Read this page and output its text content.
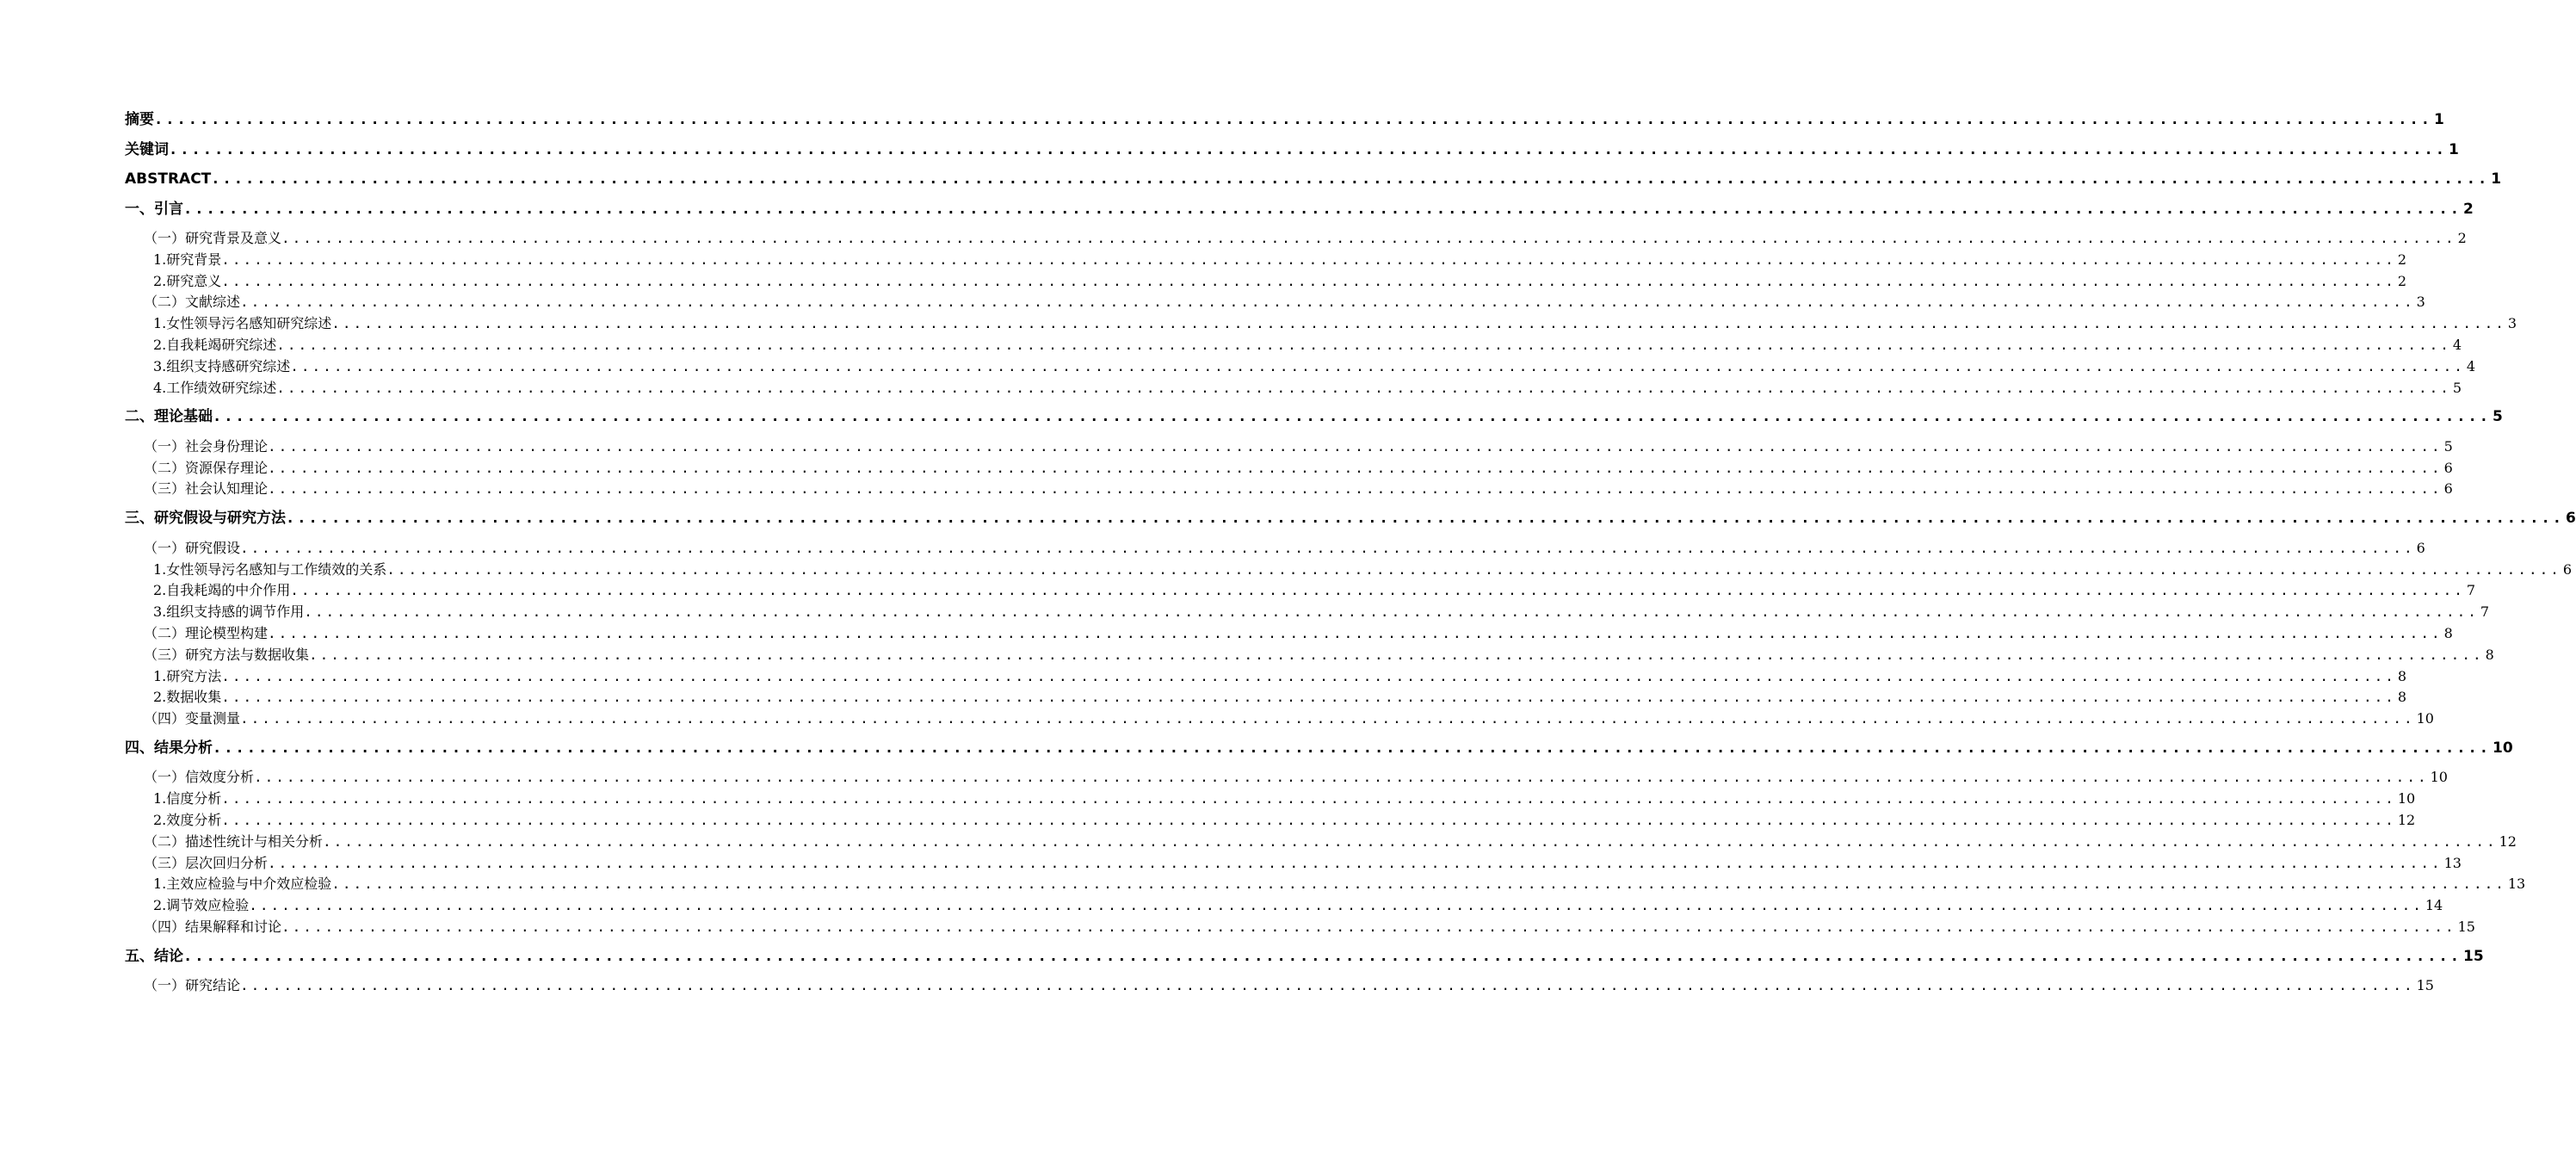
摘要 ........................................................................................................................................................................................................ 1
关键词 ........................................................................................................................................................................................................ 1
ABSTRACT ........................................................................................................................................................................................................ 1
一、引言 ........................................................................................................................................................................................................ 2
（一）研究背景及意义 ........................................................................................................................................................................................................ 2
1.研究背景 ........................................................................................................................................................................................................ 2
2.研究意义 ........................................................................................................................................................................................................ 2
（二）文献综述 ........................................................................................................................................................................................................ 3
1.女性领导污名感知研究综述 ........................................................................................................................................................................................................ 3
2.自我耗竭研究综述 ........................................................................................................................................................................................................ 4
3.组织支持感研究综述 ........................................................................................................................................................................................................ 4
4.工作绩效研究综述 ........................................................................................................................................................................................................ 5
二、理论基础 ........................................................................................................................................................................................................ 5
（一）社会身份理论 ........................................................................................................................................................................................................ 5
（二）资源保存理论 ........................................................................................................................................................................................................ 6
（三）社会认知理论 ........................................................................................................................................................................................................ 6
三、研究假设与研究方法 ........................................................................................................................................................................................................ 6
（一）研究假设 ........................................................................................................................................................................................................ 6
1.女性领导污名感知与工作绩效的关系 ........................................................................................................................................................................................................ 6
2.自我耗竭的中介作用 ........................................................................................................................................................................................................ 7
3.组织支持感的调节作用 ........................................................................................................................................................................................................ 7
（二）理论模型构建 ........................................................................................................................................................................................................ 8
（三）研究方法与数据收集 ........................................................................................................................................................................................................ 8
1.研究方法 ........................................................................................................................................................................................................ 8
2.数据收集 ........................................................................................................................................................................................................ 8
（四）变量测量 ........................................................................................................................................................................................................ 10
四、结果分析 ........................................................................................................................................................................................................ 10
（一）信效度分析 ........................................................................................................................................................................................................ 10
1.信度分析 ........................................................................................................................................................................................................ 10
2.效度分析 ........................................................................................................................................................................................................ 12
（二）描述性统计与相关分析 ........................................................................................................................................................................................................ 12
（三）层次回归分析 ........................................................................................................................................................................................................ 13
1.主效应检验与中介效应检验 ........................................................................................................................................................................................................ 13
2.调节效应检验 ........................................................................................................................................................................................................ 14
（四）结果解释和讨论 ........................................................................................................................................................................................................ 15
五、结论 ........................................................................................................................................................................................................ 15
（一）研究结论 ........................................................................................................................................................................................................ 15
